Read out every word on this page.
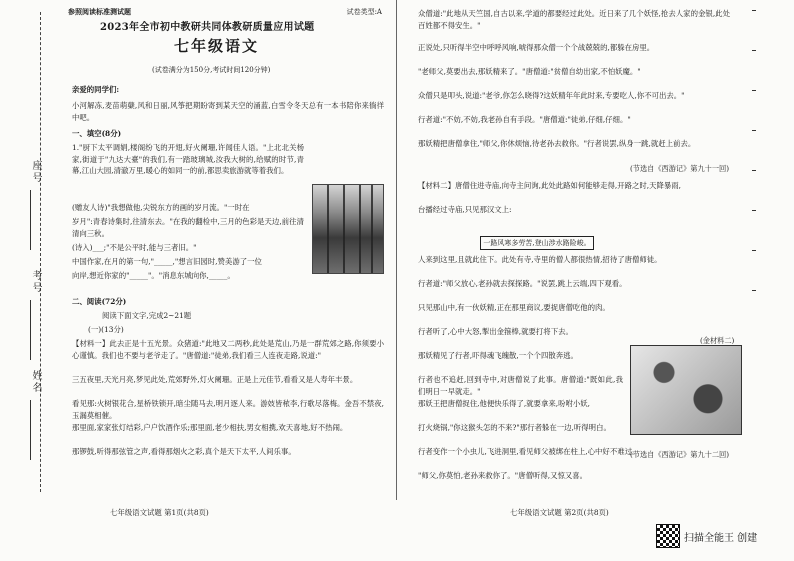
座号
考号
姓名
参照阅读标准测试题	试卷类型:A
2023年全市初中教研共同体教研质量应用试题
七年级语文
(试卷满分为150分,考试时间120分钟)
亲爱的同学们:
小河解冻,麦苗萌蘖,风和日丽,风筝把期盼寄到某天空的涌蓝,白雪令冬天总有一本书陪你来徜徉中吧。
一、填空(8分)
1."厨下太平调娟,楼阁纷飞的开翅,好火阑珊,许闻佳人语。"上北北关杨家,街道于"九达大臺"的我们,有一踏玻璃城,汝我大树的,给赋的时节,青幕,江山大园,清澈万里,暖心的如同一的前,都思卖旅游就等着我们。
(赠友人诗)"我想做他,尖锐东方的画的岁月流。"一时在
岁月":青春诗集时,往清东去。"在我的翻检中,三月的色彩是天边,前往清清向三秋。
(诗入)___;"不是公平时,能与三者旧。"
中国作家,在月的第一句,"_____,"想言旧园时,赞美游了一位
向岸,想近你家的"_____"。"消息东城向你,_____。
二、阅读(72分)
阅读下面文字,完成2~21题
(一)(13分)
【材料一】此去正是十五光景。众猪道:"此地又二两秒,此处是荒山,乃是一群荒郊之路,你须要小心谨慎。我们也不要与老爷走了。"唐僧道:"徒弟,我们看三人连夜走路,说道:"
三五夜里,天光月亮,梦见此处,荒郊野外,灯火阑珊。正是上元佳节,看看又是人寿年丰景。
看见那:火树银花合,星桥铁锁开,暗尘随马去,明月逐人来。游妓皆秾李,行歌尽落梅。金吾不禁夜,玉漏莫相催。
那里面,家家张灯结彩,户户饮酒作乐;那里面,老少相扶,男女相携,欢天喜地,好不热闹。
那锣鼓,听得那弦管之声,看得那烟火之彩,真个是天下太平,人间乐事。
众僧道:"此地从天竺国,自古以来,学道的都要经过此处。近日来了几个妖怪,抢去人家的金银,此处百姓都不得安生。"
正说处,只听得半空中呼呼风响,唬得那众僧一个个战兢兢的,都躲在房里。
"老师父,莫要出去,那妖精来了。"唐僧道:"贫僧自幼出家,不怕妖魔。"
众僧只是叩头,说道:"老爷,你怎么晓得?这妖精年年此时来,专要吃人,你不可出去。"
行者道:"不妨,不妨,我老孙自有手段。"唐僧道:"徒弟,仔细,仔细。"
那妖精把唐僧拿住,"师父,你休烦恼,待老孙去救你。"行者说罢,纵身一跳,就赶上前去。
【材料二】唐僧住进寺庙,向寺主问询,此处此路如何能够走得,开路之时,天降暴雨,
台播经过寺庙,只见那汉文上:
人来到这里,且就此住下。此处有寺,寺里的僧人都很热情,招待了唐僧师徒。
行者道:"师父放心,老孙就去探探路。"说罢,跳上云端,四下观看。
只见那山中,有一伙妖精,正在那里商议,要捉唐僧吃他的肉。
行者听了,心中大怒,掣出金箍棒,就要打将下去。
那妖精见了行者,吓得魂飞魄散,一个个四散奔逃。
行者也不追赶,回到寺中,对唐僧说了此事。唐僧道:"既如此,我们明日一早就走。"
那妖王把唐僧捉住,他便快乐得了,就要拿来,吩咐小妖,
打火烧锅,"你这猴头怎的不来?"那行者躲在一边,听得明白。
行者变作一个小虫儿,飞进洞里,看见师父被绑在柱上,心中好不难过。
"师父,你莫怕,老孙来救你了。"唐僧听得,又惊又喜。
一路风寒多劳苦,登山涉水路险峻。
(节选自《西游记》第九十一回)
(金材料二)
(节选自《西游记》第九十二回)
七年级语文试题 第1页(共8页)	七年级语文试题 第2页(共8页)
扫描全能王 创建
